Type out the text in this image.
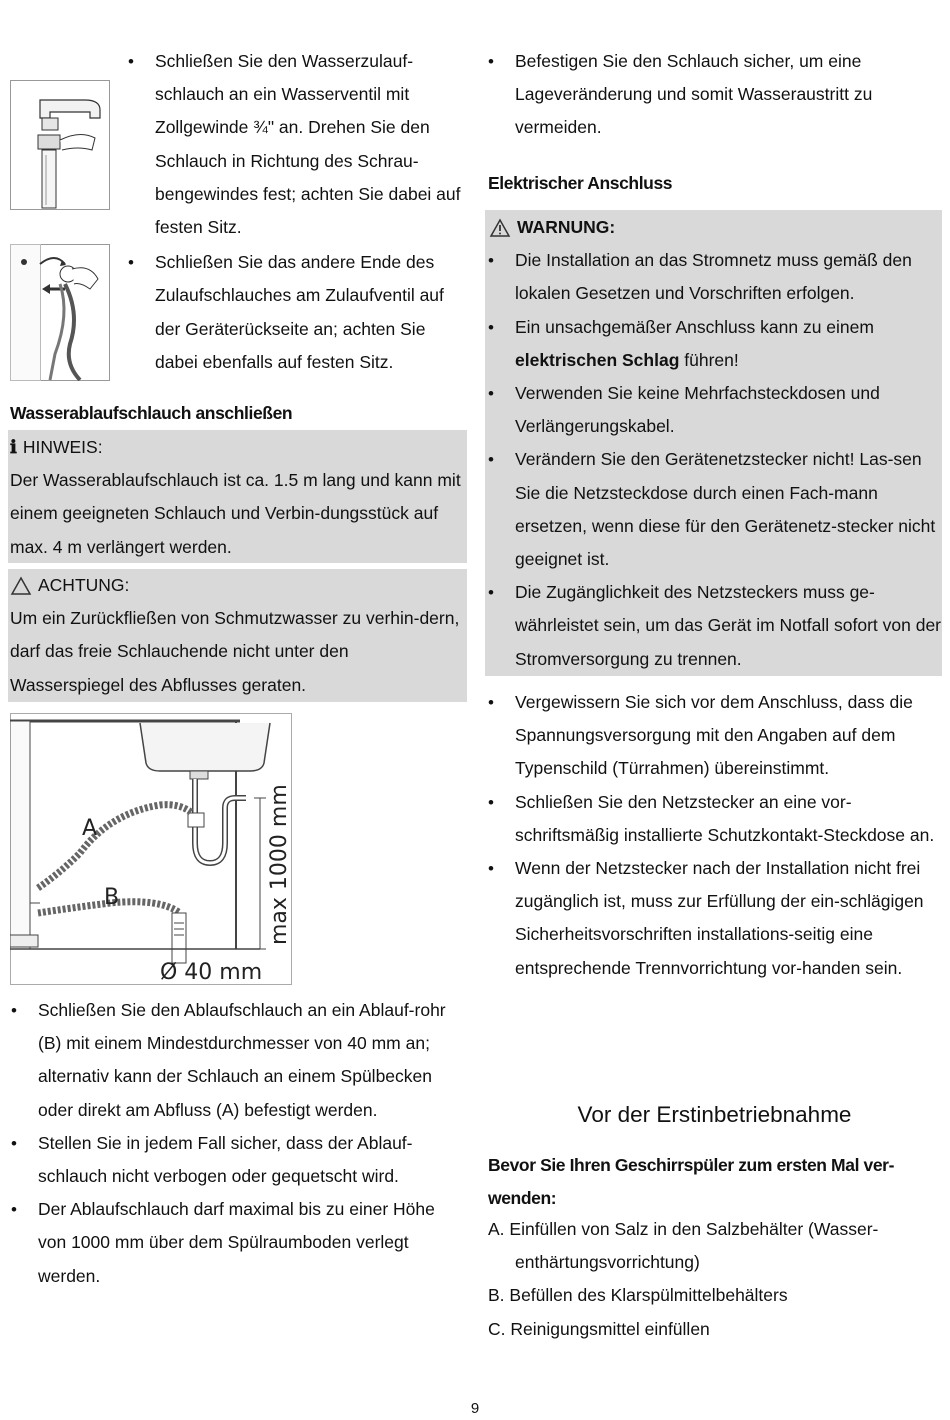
• Schließen Sie den Wasserzulauf-schlauch an ein Wasserventil mit Zollgewinde ¾" an. Drehen Sie den Schlauch in Richtung des Schrau-bengewindes fest; achten Sie dabei auf festen Sitz.
• Schließen Sie das andere Ende des Zulaufschlauches am Zulaufventil auf der Geräterückseite an; achten Sie dabei ebenfalls auf festen Sitz.
Wasserablaufschlauch anschließen

ℹ HINWEIS:

Der Wasserablaufschlauch ist ca. 1.5 m lang und kann mit einem geeigneten Schlauch und Verbin-dungsstück auf max. 4 m verlängert werden.

ACHTUNG:

Um ein Zurückfließen von Schmutzwasser zu verhin-dern, darf das freie Schlauchende nicht unter den Wasserspiegel des Abflusses geraten.

A
B	max 1000 mm
Ø 40 mm
• Schließen Sie den Ablaufschlauch an ein Ablauf-rohr (B) mit einem Mindestdurchmesser von 40 mm an; alternativ kann der Schlauch an einem Spülbecken oder direkt am Abfluss (A) befestigt werden.
• Stellen Sie in jedem Fall sicher, dass der Ablauf-schlauch nicht verbogen oder gequetscht wird.
• Der Ablaufschlauch darf maximal bis zu einer Höhe von 1000 mm über dem Spülraumboden verlegt werden.
• Befestigen Sie den Schlauch sicher, um eine Lageveränderung und somit Wasseraustritt zu vermeiden.
Elektrischer Anschluss

WARNUNG:

• Die Installation an das Stromnetz muss gemäß den lokalen Gesetzen und Vorschriften erfolgen.
• Ein unsachgemäßer Anschluss kann zu einem elektrischen Schlag führen!
• Verwenden Sie keine Mehrfachsteckdosen und Verlängerungskabel.
• Verändern Sie den Gerätenetzstecker nicht! Las-sen Sie die Netzsteckdose durch einen Fach-mann ersetzen, wenn diese für den Gerätenetz-stecker nicht geeignet ist.
• Die Zugänglichkeit des Netzsteckers muss ge-währleistet sein, um das Gerät im Notfall sofort von der Stromversorgung zu trennen.
• Vergewissern Sie sich vor dem Anschluss, dass die Spannungsversorgung mit den Angaben auf dem Typenschild (Türrahmen) übereinstimmt.
• Schließen Sie den Netzstecker an eine vor-schriftsmäßig installierte Schutzkontakt-Steckdose an.
• Wenn der Netzstecker nach der Installation nicht frei zugänglich ist, muss zur Erfüllung der ein-schlägigen Sicherheitsvorschriften installations-seitig eine entsprechende Trennvorrichtung vor-handen sein.
Vor der Erstinbetriebnahme
Bevor Sie Ihren Geschirrspüler zum ersten Mal ver-wenden:
A. Einfüllen von Salz in den Salzbehälter (Wasser-enthärtungsvorrichtung)
B. Befüllen des Klarspülmittelbehälters
C. Reinigungsmittel einfüllen
9
